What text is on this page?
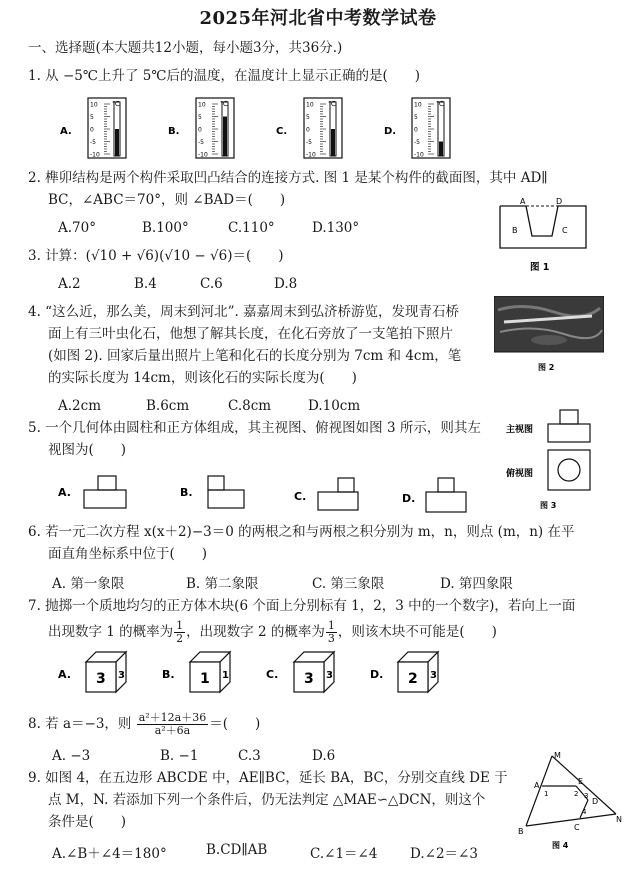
2025年河北省中考数学试卷
一、选择题(本大题共12小题，每小题3分，共36分.)
1. 从 −5℃上升了 5℃后的温度，在温度计上显示正确的是(　　)
A.
10
5
0
-5
-10
℃
B.
10
5
0
-5
-10
℃
C.
10
5
0
-5
-10
℃
D.
10
5
0
-5
-10
℃
2. 榫卯结构是两个构件采取凹凸结合的连接方式. 图 1 是某个构件的截面图，其中 AD∥
BC，∠ABC＝70°，则 ∠BAD＝(　　)
A.70°	B.100°	C.110°	D.130°
A	D
B	C
图 1
3. 计算：(√10 + √6)(√10 − √6)＝(　　)
A.2	B.4	C.6	D.8
4. “这么近，那么美，周末到河北”. 嘉嘉周末到弘济桥游览，发现青石桥
面上有三叶虫化石，他想了解其长度，在化石旁放了一支笔拍下照片
(如图 2). 回家后量出照片上笔和化石的长度分别为 7cm 和 4cm，笔
的实际长度为 14cm，则该化石的实际长度为(　　)
图 2
A.2cm	B.6cm	C.8cm	D.10cm
5. 一个几何体由圆柱和正方体组成，其主视图、俯视图如图 3 所示，则其左
视图为(　　)
主视图
俯视图
图 3
A.	B.	C.	D.
6. 若一元二次方程 x(x＋2)−3＝0 的两根之和与两根之积分别为 m，n，则点 (m，n) 在平
面直角坐标系中位于(　　)
A. 第一象限	B. 第二象限	C. 第三象限	D. 第四象限
7. 抛掷一个质地均匀的正方体木块(6 个面上分别标有 1，2，3 中的一个数字)，若向上一面
出现数字 1 的概率为 $\frac{1}{2}$ ，出现数字 2 的概率为 $\frac{1}{3}$ ，则该木块不可能是(　　)
A. 3 3	B. 1 1	C. 3 3	D. 2 3
8. 若 a＝−3，则 $\frac{\text{a²＋12a＋36}}{\text{a²＋6a}}$ ＝(　　)
A. −3	B. −1	C.3	D.6
9. 如图 4，在五边形 ABCDE 中，AE∥BC，延长 BA，BC，分别交直线 DE 于
点 M，N. 若添加下列一个条件后，仍无法判定 △MAE∽△DCN，则这个
条件是(　　)
A.∠B＋∠4＝180°	B.CD∥AB	C.∠1＝∠4 D.∠2＝∠3
M
A	E
B	C
D
N
1	2 3
4
图 4
